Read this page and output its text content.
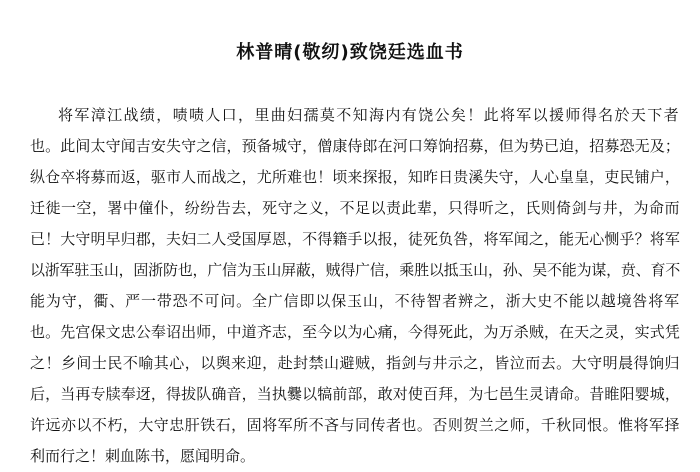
林普晴(敬纫)致饶廷选血书
将军漳江战绩，啧啧人口，里曲妇孺莫不知海内有饶公矣！此将军以援师得名於天下者
也。此间太守闻吉安失守之信，预备城守，僧康侍郎在河口筹饷招募，但为势已迫，招募恐无及；
纵仓卒将募而返，驱市人而战之，尤所难也！顷来探报，知昨日贵溪失守，人心皇皇，吏民铺户，
迁徙一空，署中僮仆，纷纷告去，死守之义，不足以责此辈，只得听之，氏则倚剑与井，为命而
已！大守明早归郡，夫妇二人受国厚恩，不得籍手以报，徒死负咎，将军闻之，能无心恻乎？将军
以浙军驻玉山，固浙防也，广信为玉山屏蔽，贼得广信，乘胜以抵玉山，孙、吴不能为谋，贲、育不
能为守，衢、严一带恐不可问。全广信即以保玉山，不待智者辨之，浙大史不能以越境咎将军
也。先宫保文忠公奉诏出师，中道齐志，至今以为心痛，今得死此，为万杀贼，在天之灵，实式凭
之！乡间士民不喻其心，以舆来迎，赴封禁山避贼，指剑与井示之，皆泣而去。大守明晨得饷归
后，当再专牍奉迓，得拔队确音，当执爨以犒前部，敢对使百拜，为七邑生灵请命。昔睢阳婴城，
许远亦以不朽，大守忠肝铁石，固将军所不吝与同传者也。否则贺兰之师，千秋同恨。惟将军择
利而行之！刺血陈书，愿闻明命。
